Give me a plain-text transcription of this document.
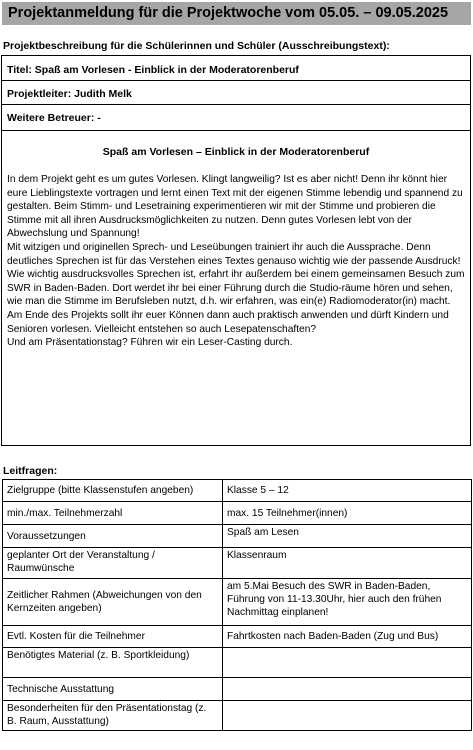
Projektanmeldung für die Projektwoche vom 05.05. – 09.05.2025
Projektbeschreibung für die Schülerinnen und Schüler (Ausschreibungstext):
Titel: Spaß am Vorlesen - Einblick in der Moderatorenberuf
Projektleiter: Judith Melk
Weitere Betreuer: -
Spaß am Vorlesen – Einblick in der Moderatorenberuf

In dem Projekt geht es um gutes Vorlesen. Klingt langweilig? Ist es aber nicht! Denn ihr könnt hier eure Lieblingstexte vortragen und lernt einen Text mit der eigenen Stimme lebendig und spannend zu gestalten. Beim Stimm- und Lesetraining experimentieren wir mit der Stimme und probieren die Stimme mit all ihren Ausdrucksmöglichkeiten zu nutzen. Denn gutes Vorlesen lebt von der Abwechslung und Spannung!

Mit witzigen und originellen Sprech- und Leseübungen trainiert ihr auch die Aussprache. Denn deutliches Sprechen ist für das Verstehen eines Textes genauso wichtig wie der passende Ausdruck!

Wie wichtig ausdrucksvolles Sprechen ist, erfahrt ihr außerdem bei einem gemeinsamen Besuch zum SWR in Baden-Baden. Dort werdet ihr bei einer Führung durch die Studio-räume hören und sehen, wie man die Stimme im Berufsleben nutzt, d.h. wir erfahren, was ein(e) Radiomoderator(in) macht.

Am Ende des Projekts sollt ihr euer Können dann auch praktisch anwenden und dürft Kindern und Senioren vorlesen. Vielleicht entstehen so auch Lesepatenschaften?

Und am Präsentationstag? Führen wir ein Leser-Casting durch.

Leitfragen:
Zielgruppe (bitte Klassenstufen angeben)	Klasse 5 – 12
min./max. Teilnehmerzahl	max. 15 Teilnehmer(innen)
Voraussetzungen	Spaß am Lesen
geplanter Ort der Veranstaltung / Raumwünsche	Klassenraum
Zeitlicher Rahmen (Abweichungen von den Kernzeiten angeben)	am 5.Mai Besuch des SWR in Baden-Baden, Führung von 11-13.30Uhr, hier auch den frühen Nachmittag einplanen!
Evtl. Kosten für die Teilnehmer	Fahrtkosten nach Baden-Baden (Zug und Bus)
Benötigtes Material (z. B. Sportkleidung)	
Technische Ausstattung	
Besonderheiten für den Präsentationstag (z. B. Raum, Ausstattung)	
